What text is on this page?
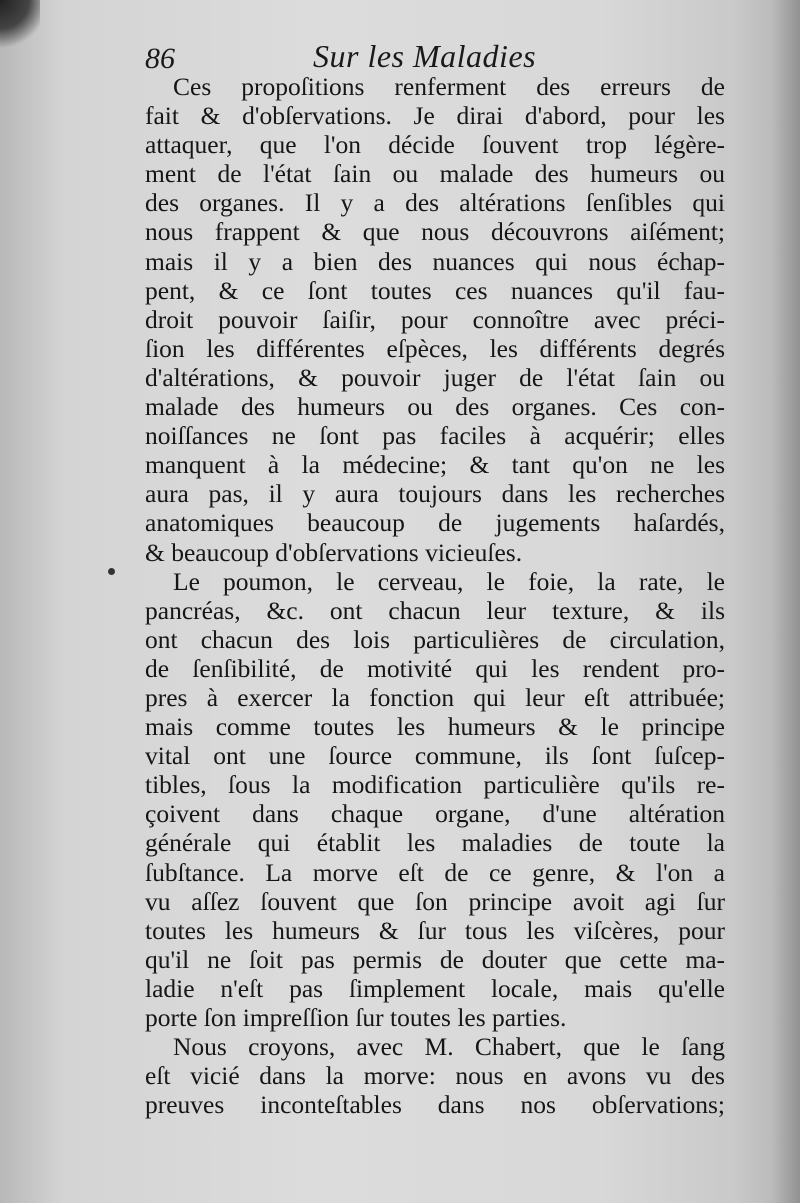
86	Sur les Maladies
Ces propoſitions renferment des erreurs de
fait & d'obſervations. Je dirai d'abord, pour les
attaquer, que l'on décide ſouvent trop légère-
ment de l'état ſain ou malade des humeurs ou
des organes. Il y a des altérations ſenſibles qui
nous frappent & que nous découvrons aiſément;
mais il y a bien des nuances qui nous échap-
pent, & ce ſont toutes ces nuances qu'il fau-
droit pouvoir ſaiſir, pour connoître avec préci-
ſion les différentes eſpèces, les différents degrés
d'altérations, & pouvoir juger de l'état ſain ou
malade des humeurs ou des organes. Ces con-
noiſſances ne ſont pas faciles à acquérir; elles
manquent à la médecine; & tant qu'on ne les
aura pas, il y aura toujours dans les recherches
anatomiques beaucoup de jugements haſardés,
& beaucoup d'obſervations vicieuſes.
Le poumon, le cerveau, le foie, la rate, le
pancréas, &c. ont chacun leur texture, & ils
ont chacun des lois particulières de circulation,
de ſenſibilité, de motivité qui les rendent pro-
pres à exercer la fonction qui leur eſt attribuée;
mais comme toutes les humeurs & le principe
vital ont une ſource commune, ils ſont ſuſcep-
tibles, ſous la modification particulière qu'ils re-
çoivent dans chaque organe, d'une altération
générale qui établit les maladies de toute la
ſubſtance. La morve eſt de ce genre, & l'on a
vu aſſez ſouvent que ſon principe avoit agi ſur
toutes les humeurs & ſur tous les viſcères, pour
qu'il ne ſoit pas permis de douter que cette ma-
ladie n'eſt pas ſimplement locale, mais qu'elle
porte ſon impreſſion ſur toutes les parties.
Nous croyons, avec M. Chabert, que le ſang
eſt vicié dans la morve: nous en avons vu des
preuves inconteſtables dans nos obſervations;
